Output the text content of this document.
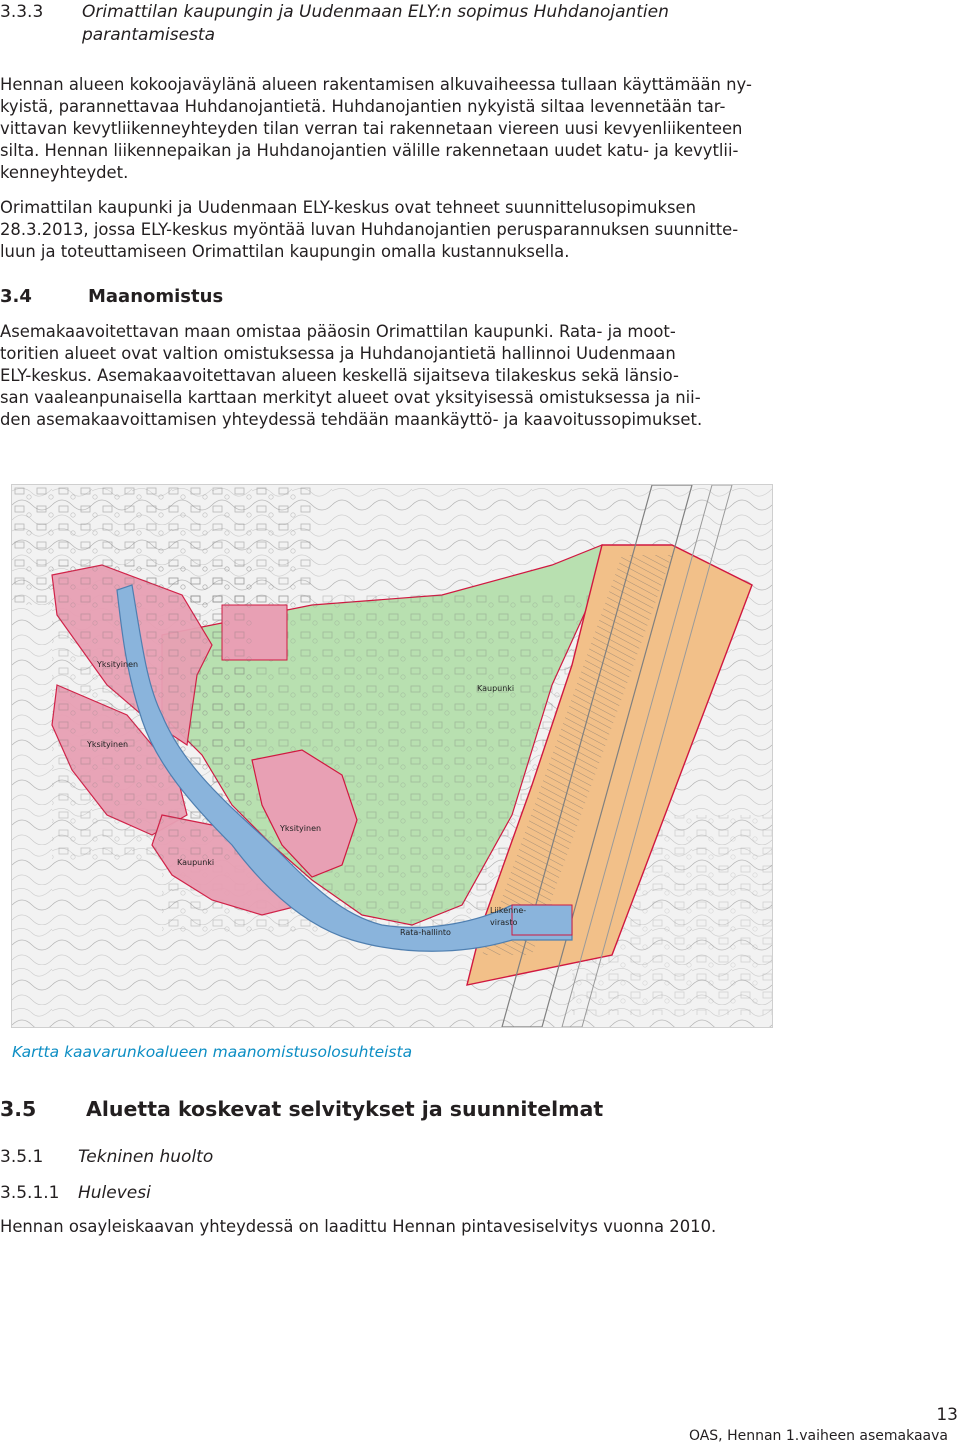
3.3.3 Orimattilan kaupungin ja Uudenmaan ELY:n sopimus Huhdanojantien
parantamisesta
Hennan alueen kokoojaväylänä alueen rakentamisen alkuvaiheessa tullaan käyttämään ny-
kyistä, parannettavaa Huhdanojantietä. Huhdanojantien nykyistä siltaa levennetään tar-
vittavan kevytliikenneyhteyden tilan verran tai rakennetaan viereen uusi kevyenliikenteen
silta. Hennan liikennepaikan ja Huhdanojantien välille rakennetaan uudet katu- ja kevytlii-
kenneyhteydet.
Orimattilan kaupunki ja Uudenmaan ELY-keskus ovat tehneet suunnittelusopimuksen
28.3.2013, jossa ELY-keskus myöntää luvan Huhdanojantien perusparannuksen suunnitte-
luun ja toteuttamiseen Orimattilan kaupungin omalla kustannuksella.
3.4	Maanomistus
Asemakaavoitettavan maan omistaa pääosin Orimattilan kaupunki. Rata- ja moot-
toritien alueet ovat valtion omistuksessa ja Huhdanojantietä hallinnoi Uudenmaan
ELY-keskus. Asemakaavoitettavan alueen keskellä sijaitseva tilakeskus sekä länsio-
san vaaleanpunaisella karttaan merkityt alueet ovat yksityisessä omistuksessa ja nii-
den asemakaavoittamisen yhteydessä tehdään maankäyttö- ja kaavoitussopimukset.
Yksityinen
Yksityinen
Yksityinen
Kaupunki
Kaupunki
Liikenne-
virasto
Rata-hallinto
Kartta kaavarunkoalueen maanomistusolosuhteista
3.5 Aluetta koskevat selvitykset ja suunnitelmat
3.5.1 Tekninen huolto
3.5.1.1 Hulevesi
Hennan osayleiskaavan yhteydessä on laadittu Hennan pintavesiselvitys vuonna 2010.
13
OAS, Hennan 1.vaiheen asemakaava
